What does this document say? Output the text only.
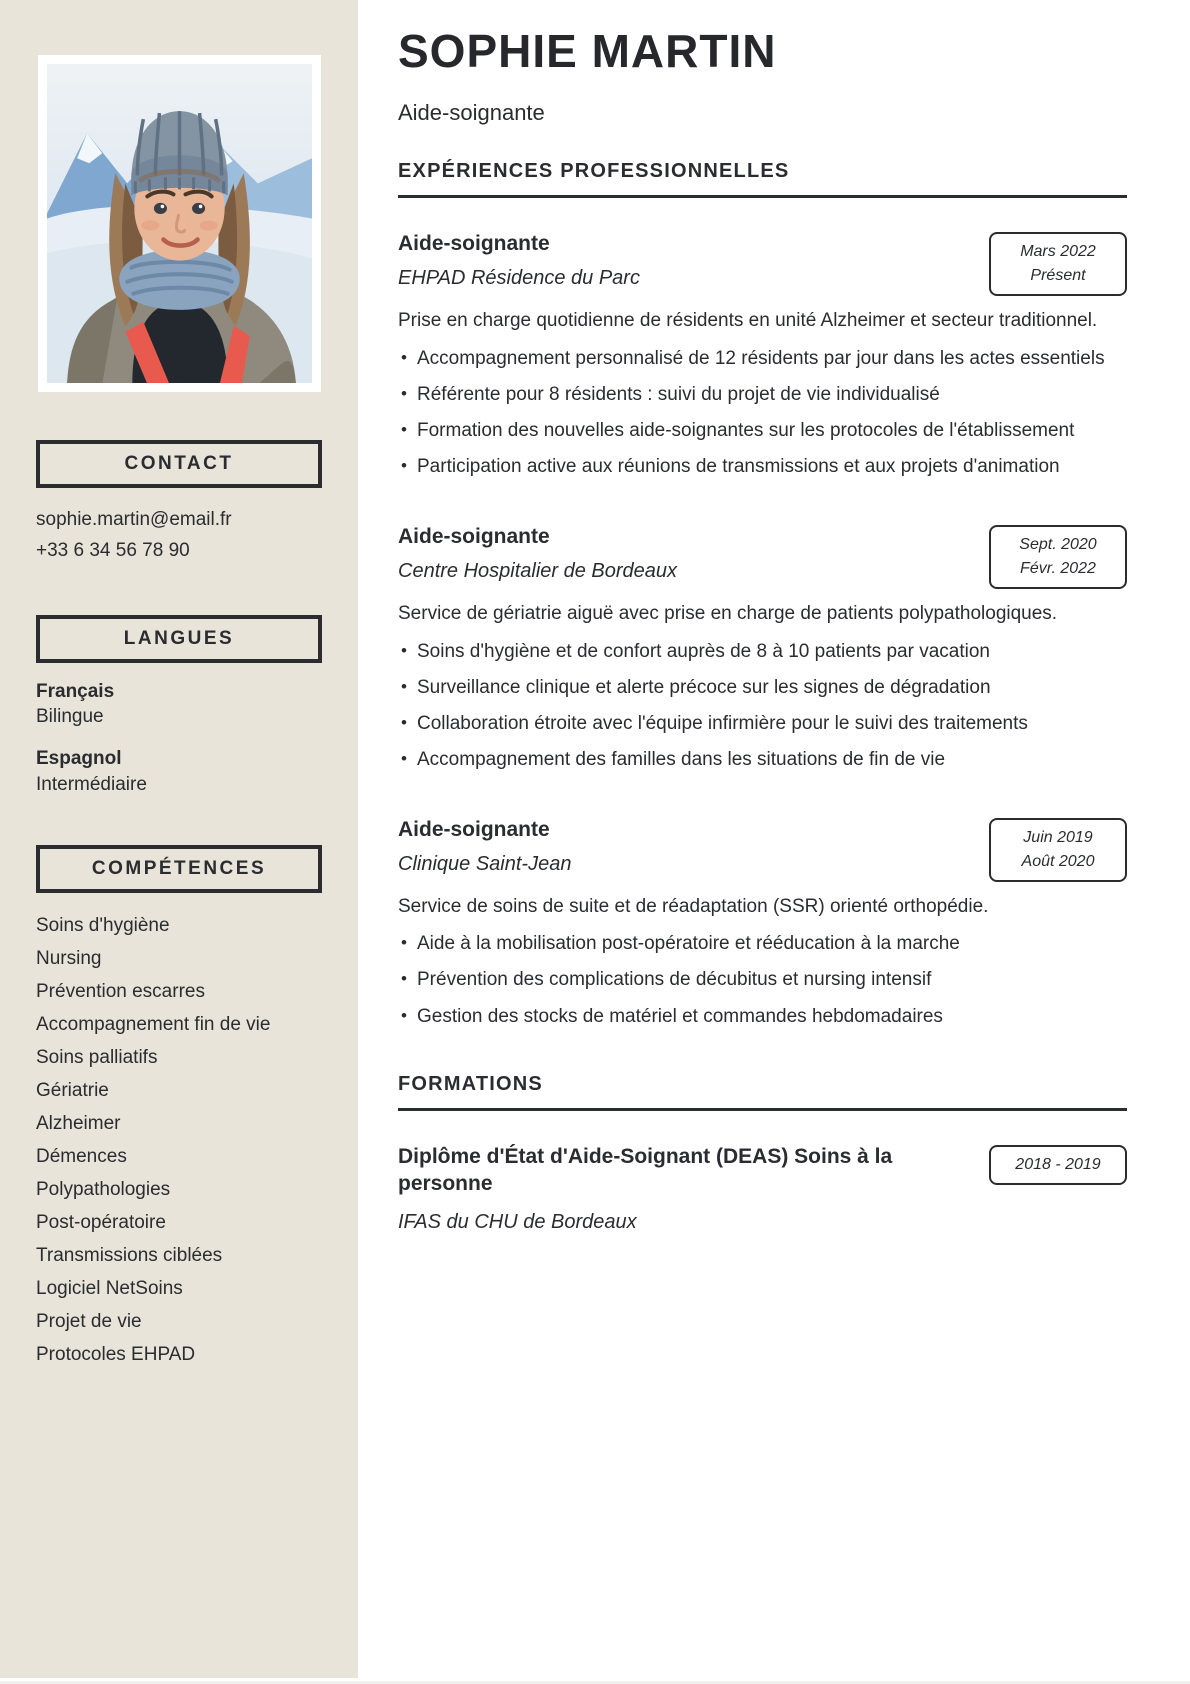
CONTACT
sophie.martin@email.fr
+33 6 34 56 78 90
LANGUES
Français
Bilingue
Espagnol
Intermédiaire
COMPÉTENCES
Soins d'hygiène
Nursing
Prévention escarres
Accompagnement fin de vie
Soins palliatifs
Gériatrie
Alzheimer
Démences
Polypathologies
Post-opératoire
Transmissions ciblées
Logiciel NetSoins
Projet de vie
Protocoles EHPAD
SOPHIE MARTIN

Aide-soignante

EXPÉRIENCES PROFESSIONNELLES
Aide-soignante
EHPAD Résidence du Parc
Mars 2022
Présent

Prise en charge quotidienne de résidents en unité Alzheimer et secteur traditionnel.

• Accompagnement personnalisé de 12 résidents par jour dans les actes essentiels
• Référente pour 8 résidents : suivi du projet de vie individualisé
• Formation des nouvelles aide-soignantes sur les protocoles de l'établissement
• Participation active aux réunions de transmissions et aux projets d'animation
Aide-soignante
Centre Hospitalier de Bordeaux
Sept. 2020
Févr. 2022

Service de gériatrie aiguë avec prise en charge de patients polypathologiques.

• Soins d'hygiène et de confort auprès de 8 à 10 patients par vacation
• Surveillance clinique et alerte précoce sur les signes de dégradation
• Collaboration étroite avec l'équipe infirmière pour le suivi des traitements
• Accompagnement des familles dans les situations de fin de vie
Aide-soignante
Clinique Saint-Jean
Juin 2019
Août 2020

Service de soins de suite et de réadaptation (SSR) orienté orthopédie.

• Aide à la mobilisation post-opératoire et rééducation à la marche
• Prévention des complications de décubitus et nursing intensif
• Gestion des stocks de matériel et commandes hebdomadaires
FORMATIONS
Diplôme d'État d'Aide-Soignant (DEAS) Soins à la personne
2018 - 2019
IFAS du CHU de Bordeaux
